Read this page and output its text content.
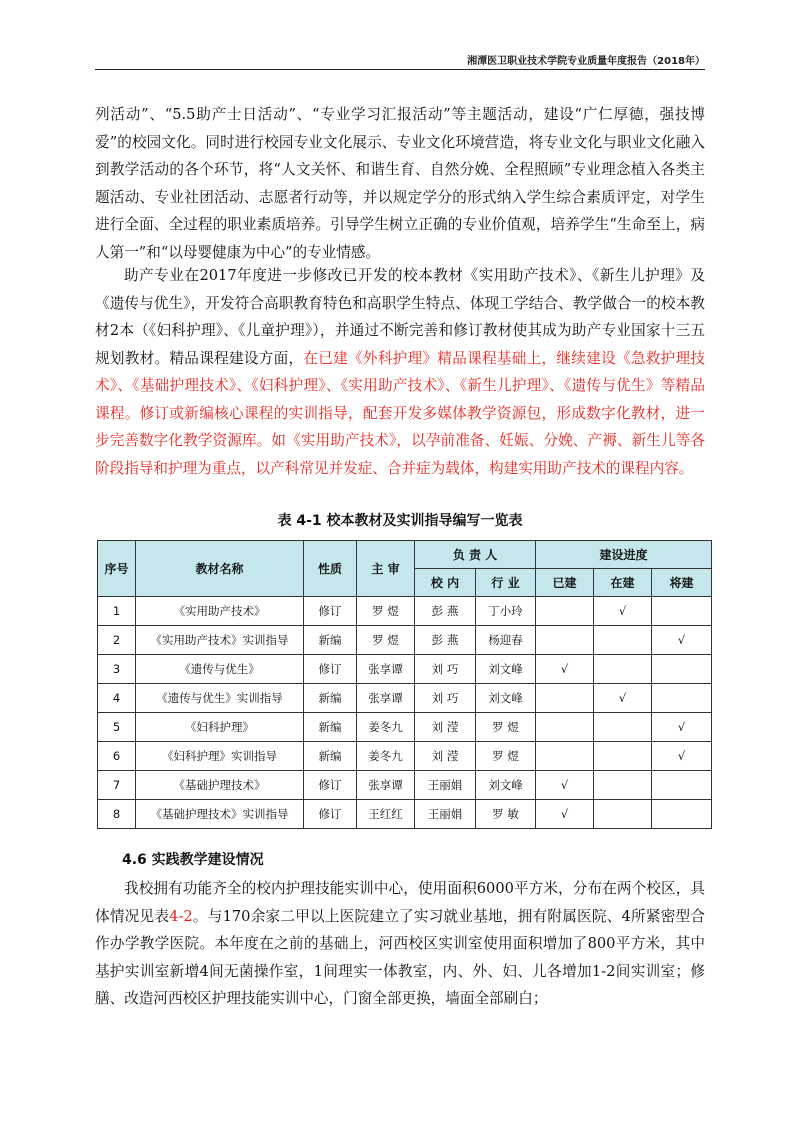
湘潭医卫职业技术学院专业质量年度报告（2018年）

列活动”、“5.5助产士日活动”、“专业学习汇报活动”等主题活动，建设“广仁厚德，强技博爱”的校园文化。同时进行校园专业文化展示、专业文化环境营造，将专业文化与职业文化融入到教学活动的各个环节，将“人文关怀、和谐生育、自然分娩、全程照顾”专业理念植入各类主题活动、专业社团活动、志愿者行动等，并以规定学分的形式纳入学生综合素质评定，对学生进行全面、全过程的职业素质培养。引导学生树立正确的专业价值观，培养学生“生命至上，病人第一”和“以母婴健康为中心”的专业情感。

助产专业在2017年度进一步修改已开发的校本教材《实用助产技术》、《新生儿护理》及《遗传与优生》，开发符合高职教育特色和高职学生特点、体现工学结合、教学做合一的校本教材2本（《妇科护理》、《儿童护理》），并通过不断完善和修订教材使其成为助产专业国家十三五规划教材。精品课程建设方面，在已建《外科护理》精品课程基础上，继续建设《急救护理技术》、《基础护理技术》、《妇科护理》、《实用助产技术》、《新生儿护理》、《遗传与优生》等精品课程。修订或新编核心课程的实训指导，配套开发多媒体教学资源包，形成数字化教材，进一步完善数字化教学资源库。如《实用助产技术》，以孕前准备、妊娠、分娩、产褥、新生儿等各阶段指导和护理为重点，以产科常见并发症、合并症为载体，构建实用助产技术的课程内容。

表 4-1 校本教材及实训指导编写一览表
序号	教材名称	性质	主 审	负 责 人		建设进度		
				校 内	行 业	已建	在建	将建
1	《实用助产技术》	修订	罗 煜	彭 燕	丁小玲		√	
2	《实用助产技术》实训指导	新编	罗 煜	彭 燕	杨迎春			√
3	《遗传与优生》	修订	张享谭	刘 巧	刘文峰	√		
4	《遗传与优生》实训指导	新编	张享谭	刘 巧	刘文峰		√	
5	《妇科护理》	新编	姜冬九	刘 滢	罗 煜			√
6	《妇科护理》实训指导	新编	姜冬九	刘 滢	罗 煜			√
7	《基础护理技术》	修订	张享谭	王丽娟	刘文峰	√		
8	《基础护理技术》实训指导	修订	王红红	王丽娟	罗 敏	√		
4.6 实践教学建设情况

我校拥有功能齐全的校内护理技能实训中心，使用面积6000平方米，分布在两个校区，具体情况见表4-2。与170余家二甲以上医院建立了实习就业基地，拥有附属医院、4所紧密型合作办学教学医院。本年度在之前的基础上，河西校区实训室使用面积增加了800平方米，其中基护实训室新增4间无菌操作室，1间理实一体教室，内、外、妇、儿各增加1-2间实训室；修膳、改造河西校区护理技能实训中心，门窗全部更换，墙面全部刷白；
